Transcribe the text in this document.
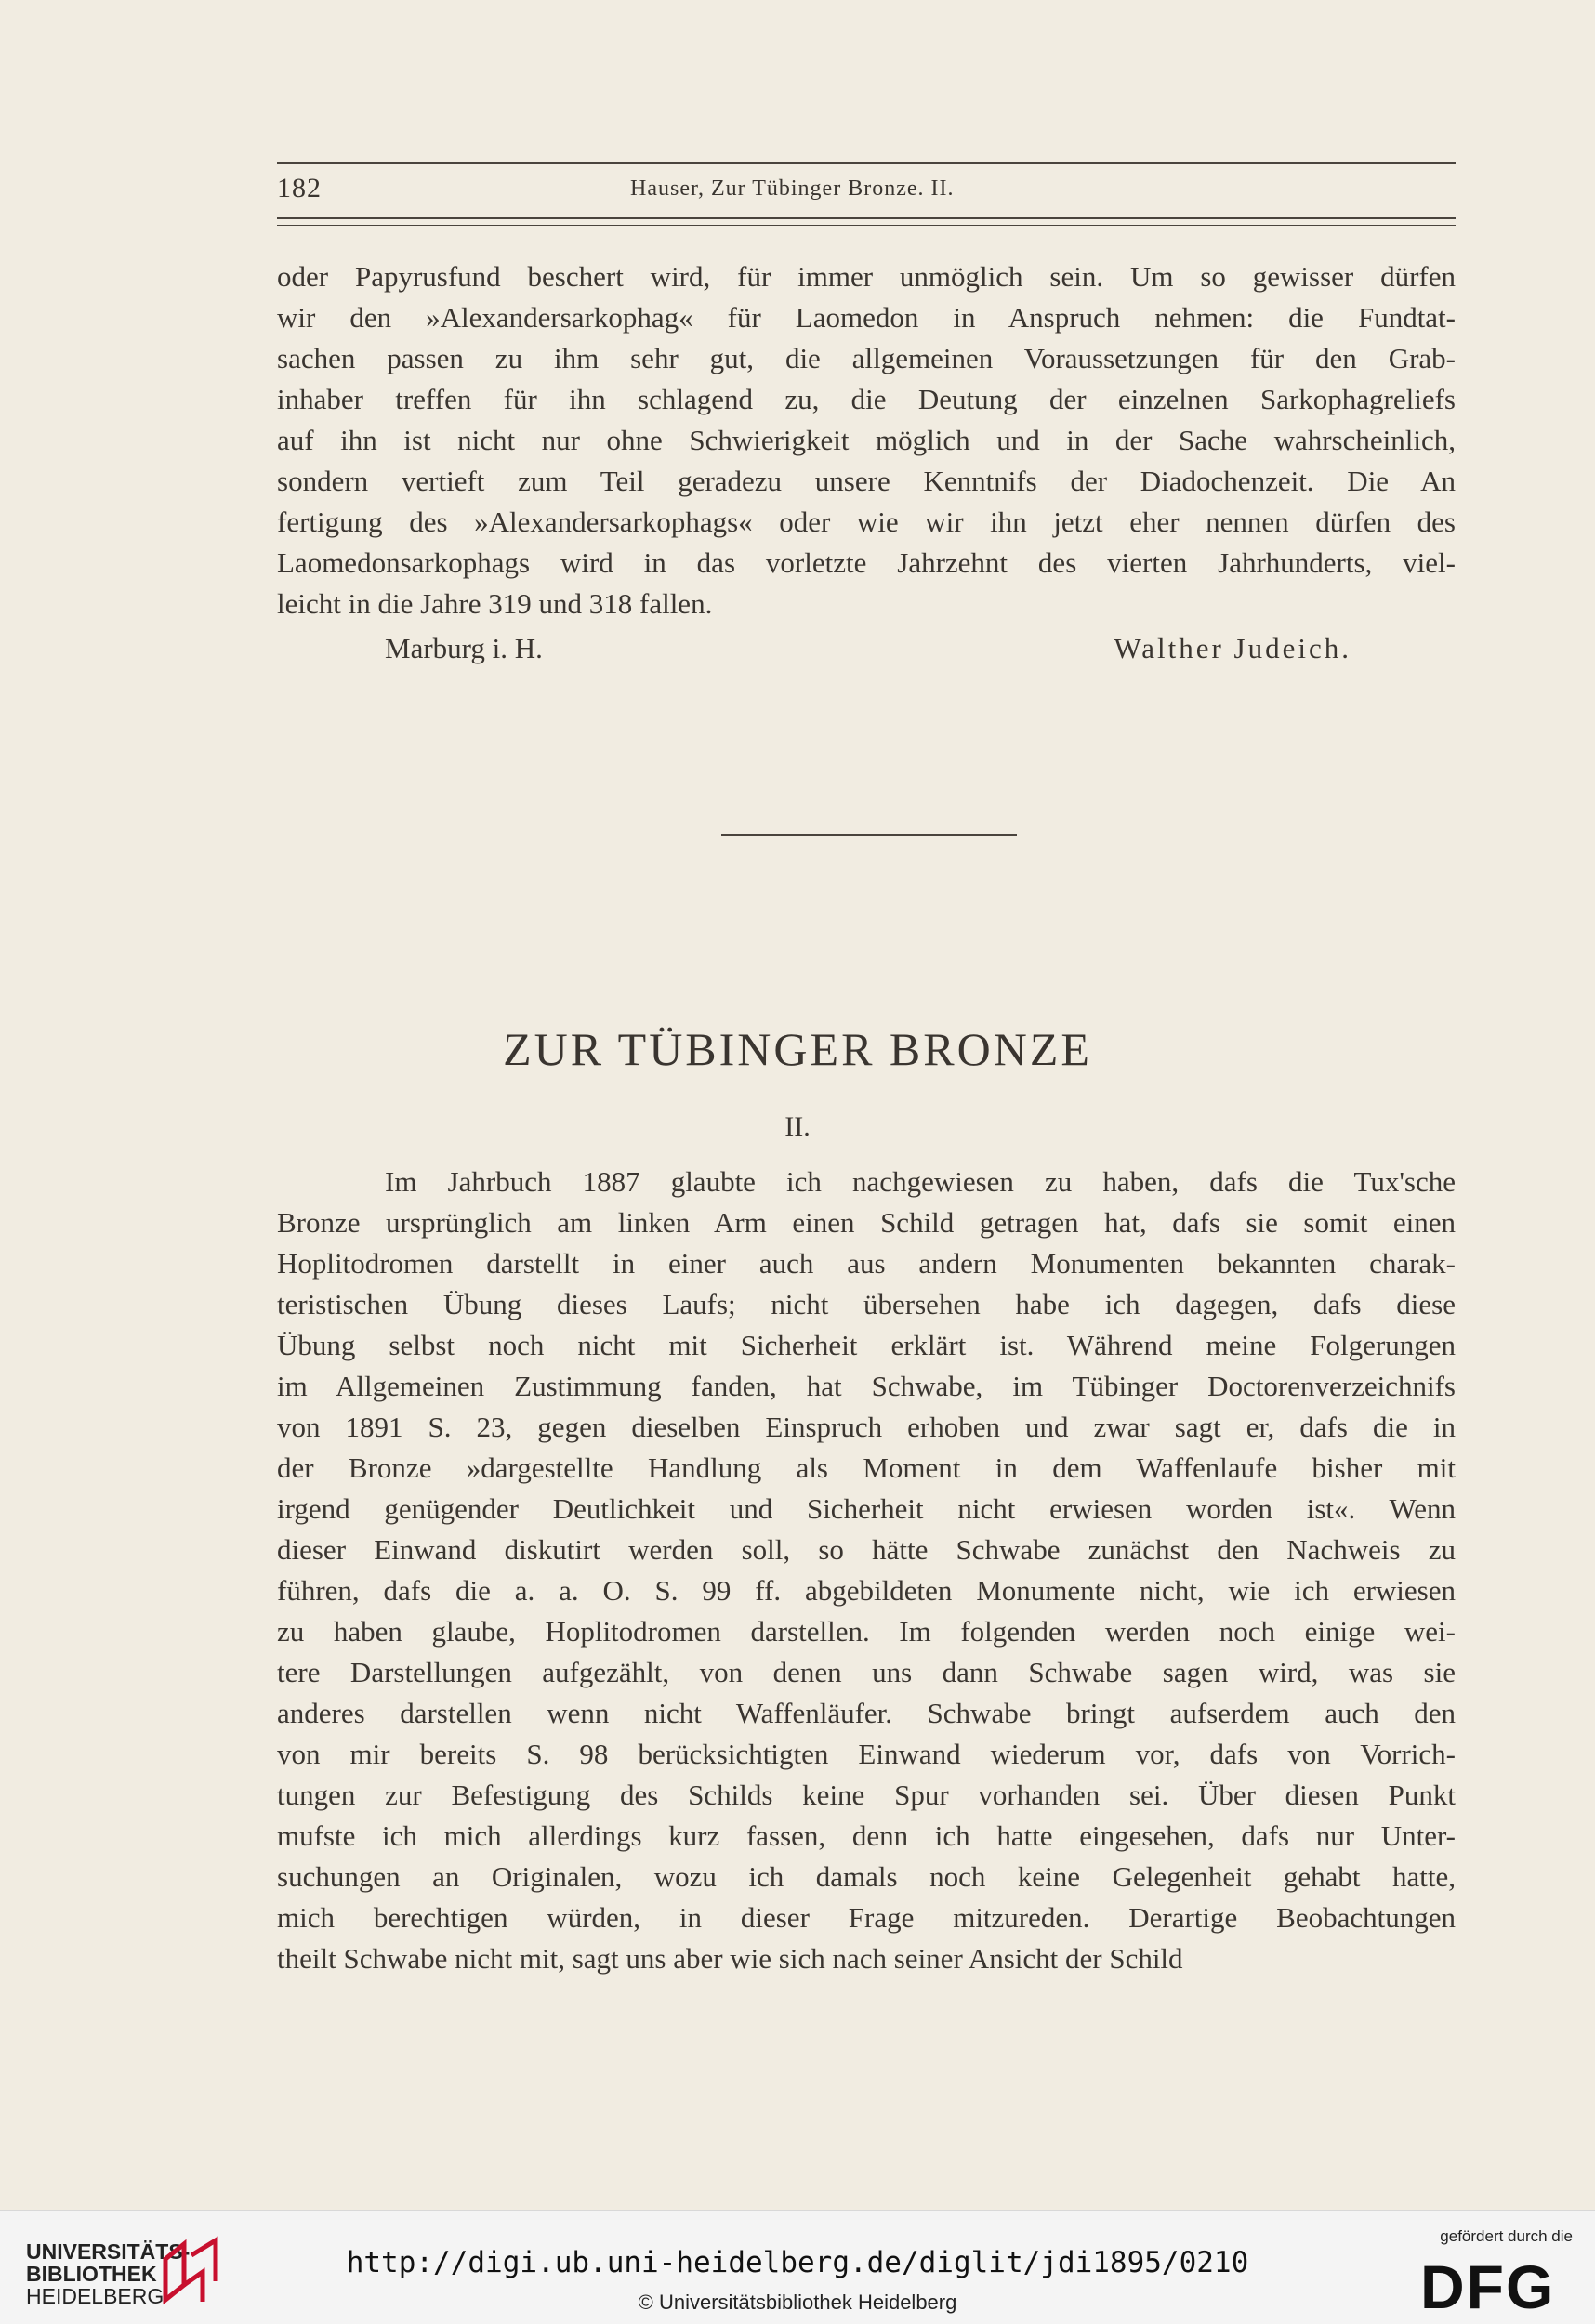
182	Hauser, Zur Tübinger Bronze. II.
oder Papyrusfund beschert wird, für immer unmöglich sein. Um so gewisser dürfen
wir den »Alexandersarkophag« für Laomedon in Anspruch nehmen: die Fundtat-
sachen passen zu ihm sehr gut, die allgemeinen Voraussetzungen für den Grab-
inhaber treffen für ihn schlagend zu, die Deutung der einzelnen Sarkophagreliefs
auf ihn ist nicht nur ohne Schwierigkeit möglich und in der Sache wahrscheinlich,
sondern vertieft zum Teil geradezu unsere Kenntnifs der Diadochenzeit. Die An
fertigung des »Alexandersarkophags« oder wie wir ihn jetzt eher nennen dürfen des
Laomedonsarkophags wird in das vorletzte Jahrzehnt des vierten Jahrhunderts, viel-
leicht in die Jahre 319 und 318 fallen.
Marburg i. H.	Walther Judeich.
ZUR TÜBINGER BRONZE
II.
Im Jahrbuch 1887 glaubte ich nachgewiesen zu haben, dafs die Tux'sche
Bronze ursprünglich am linken Arm einen Schild getragen hat, dafs sie somit einen
Hoplitodromen darstellt in einer auch aus andern Monumenten bekannten charak-
teristischen Übung dieses Laufs; nicht übersehen habe ich dagegen, dafs diese
Übung selbst noch nicht mit Sicherheit erklärt ist. Während meine Folgerungen
im Allgemeinen Zustimmung fanden, hat Schwabe, im Tübinger Doctorenverzeichnifs
von 1891 S. 23, gegen dieselben Einspruch erhoben und zwar sagt er, dafs die in
der Bronze »dargestellte Handlung als Moment in dem Waffenlaufe bisher mit
irgend genügender Deutlichkeit und Sicherheit nicht erwiesen worden ist«. Wenn
dieser Einwand diskutirt werden soll, so hätte Schwabe zunächst den Nachweis zu
führen, dafs die a. a. O. S. 99 ff. abgebildeten Monumente nicht, wie ich erwiesen
zu haben glaube, Hoplitodromen darstellen. Im folgenden werden noch einige wei-
tere Darstellungen aufgezählt, von denen uns dann Schwabe sagen wird, was sie
anderes darstellen wenn nicht Waffenläufer. Schwabe bringt aufserdem auch den
von mir bereits S. 98 berücksichtigten Einwand wiederum vor, dafs von Vorrich-
tungen zur Befestigung des Schilds keine Spur vorhanden sei. Über diesen Punkt
mufste ich mich allerdings kurz fassen, denn ich hatte eingesehen, dafs nur Unter-
suchungen an Originalen, wozu ich damals noch keine Gelegenheit gehabt hatte,
mich berechtigen würden, in dieser Frage mitzureden. Derartige Beobachtungen
theilt Schwabe nicht mit, sagt uns aber wie sich nach seiner Ansicht der Schild
UNIVERSITÄTS-
BIBLIOTHEK
HEIDELBERG
http://digi.ub.uni-heidelberg.de/diglit/jdi1895/0210
© Universitätsbibliothek Heidelberg
gefördert durch die
DFG
